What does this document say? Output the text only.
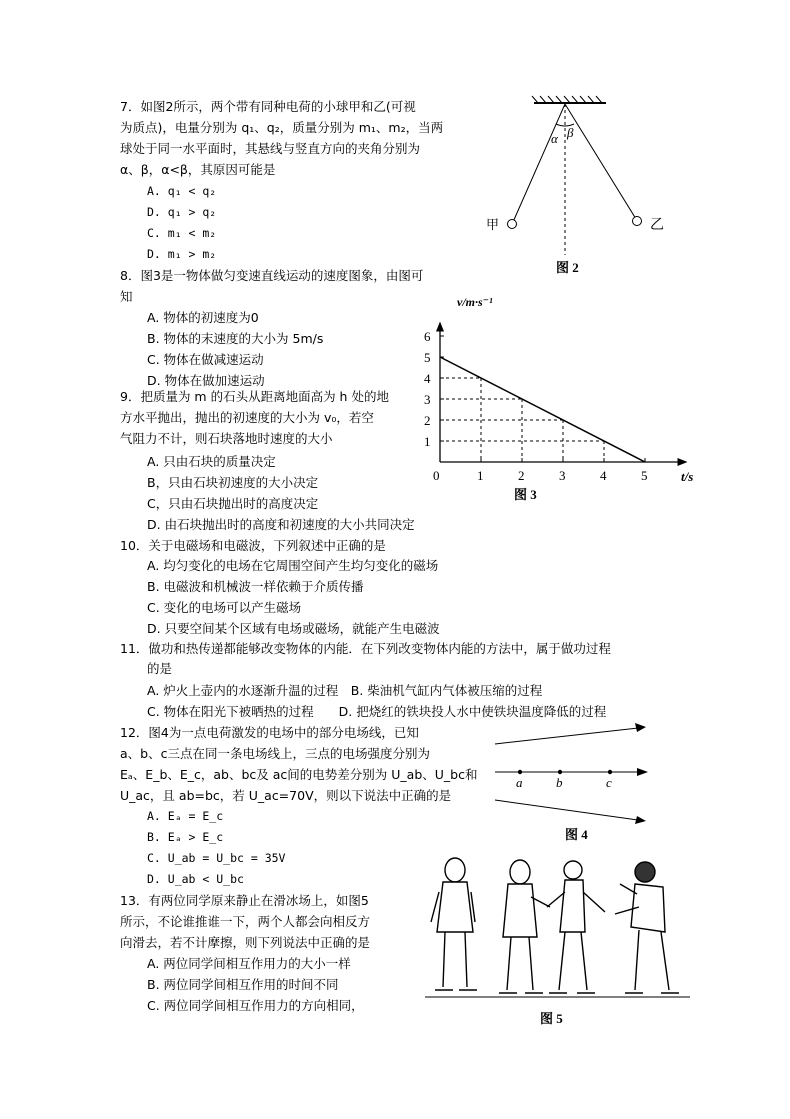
7．如图2所示，两个带有同种电荷的小球甲和乙(可视
为质点)，电量分别为 q₁、q₂，质量分别为 m₁、m₂，当两
球处于同一水平面时，其悬线与竖直方向的夹角分别为
α、β，α<β，其原因可能是
A. q₁ < q₂
D. q₁ > q₂
C. m₁ < m₂
D. m₁ > m₂
α β
甲	乙
图 2
8．图3是一物体做匀变速直线运动的速度图象，由图可
知
A. 物体的初速度为0
B. 物体的末速度的大小为 5m/s
C. 物体在做减速运动
D. 物体在做加速运动
1
2
3
4
5
6
0	1	2	3	4	5
v/m·s⁻¹
t/s
图 3
9．把质量为 m 的石头从距离地面高为 h 处的地
方水平抛出，抛出的初速度的大小为 v₀，若空
气阻力不计，则石块落地时速度的大小
A. 只由石块的质量决定
B，只由石块初速度的大小决定
C，只由石块抛出时的高度决定
D. 由石块抛出时的高度和初速度的大小共同决定
10．关于电磁场和电磁波，下列叙述中正确的是
A. 均匀变化的电场在它周围空间产生均匀变化的磁场
B. 电磁波和机械波一样依赖于介质传播
C. 变化的电场可以产生磁场
D. 只要空间某个区域有电场或磁场，就能产生电磁波
11．做功和热传递都能够改变物体的内能．在下列改变物体内能的方法中，属于做功过程
的是
A. 炉火上壶内的水逐渐升温的过程　B. 柴油机气缸内气体被压缩的过程
C. 物体在阳光下被晒热的过程　　D. 把烧红的铁块投人水中使铁块温度降低的过程
12．图4为一点电荷激发的电场中的部分电场线，已知
a、b、c三点在同一条电场线上，三点的电场强度分别为
Eₐ、E_b、E_c，ab、bc及 ac间的电势差分别为 U_ab、U_bc和
U_ac，且 ab=bc，若 U_ac=70V，则以下说法中正确的是
A. Eₐ = E_c
B. Eₐ > E_c
C. U_ab = U_bc = 35V
D. U_ab < U_bc
a	b	c
图 4
13．有两位同学原来静止在滑冰场上，如图5
所示，不论谁推谁一下，两个人都会向相反方
向滑去，若不计摩擦，则下列说法中正确的是
A. 两位同学间相互作用力的大小一样
B. 两位同学间相互作用的时间不同
C. 两位同学间相互作用力的方向相同，
图 5
